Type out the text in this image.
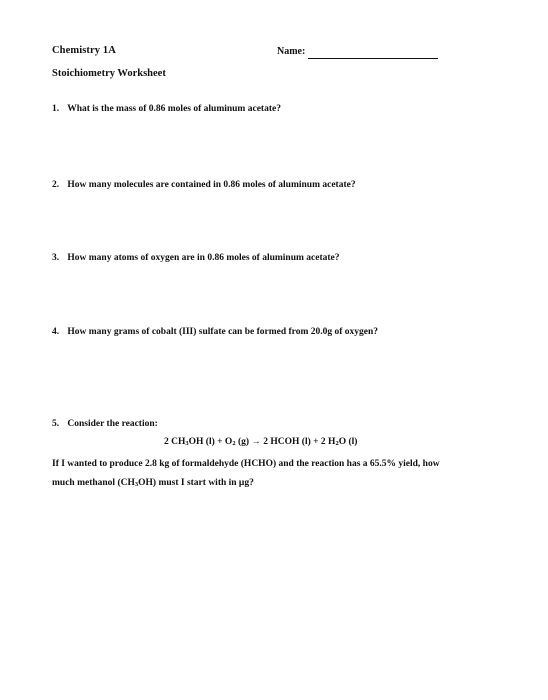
Chemistry 1A
Stoichiometry Worksheet
Name:
1. What is the mass of 0.86 moles of aluminum acetate?
2. How many molecules are contained in 0.86 moles of aluminum acetate?
3. How many atoms of oxygen are in 0.86 moles of aluminum acetate?
4. How many grams of cobalt (III) sulfate can be formed from 20.0g of oxygen?
5. Consider the reaction:
2 $CH_3OH$ $(l) + O_2$ (g) → 2 HCOH (l) + 2 $H_2O$ (l)
If I wanted to produce 2.8 kg of formaldehyde (HCHO) and the reaction has a 65.5% yield, how
much methanol $(CH_3OH)$ must I start with in μg?
